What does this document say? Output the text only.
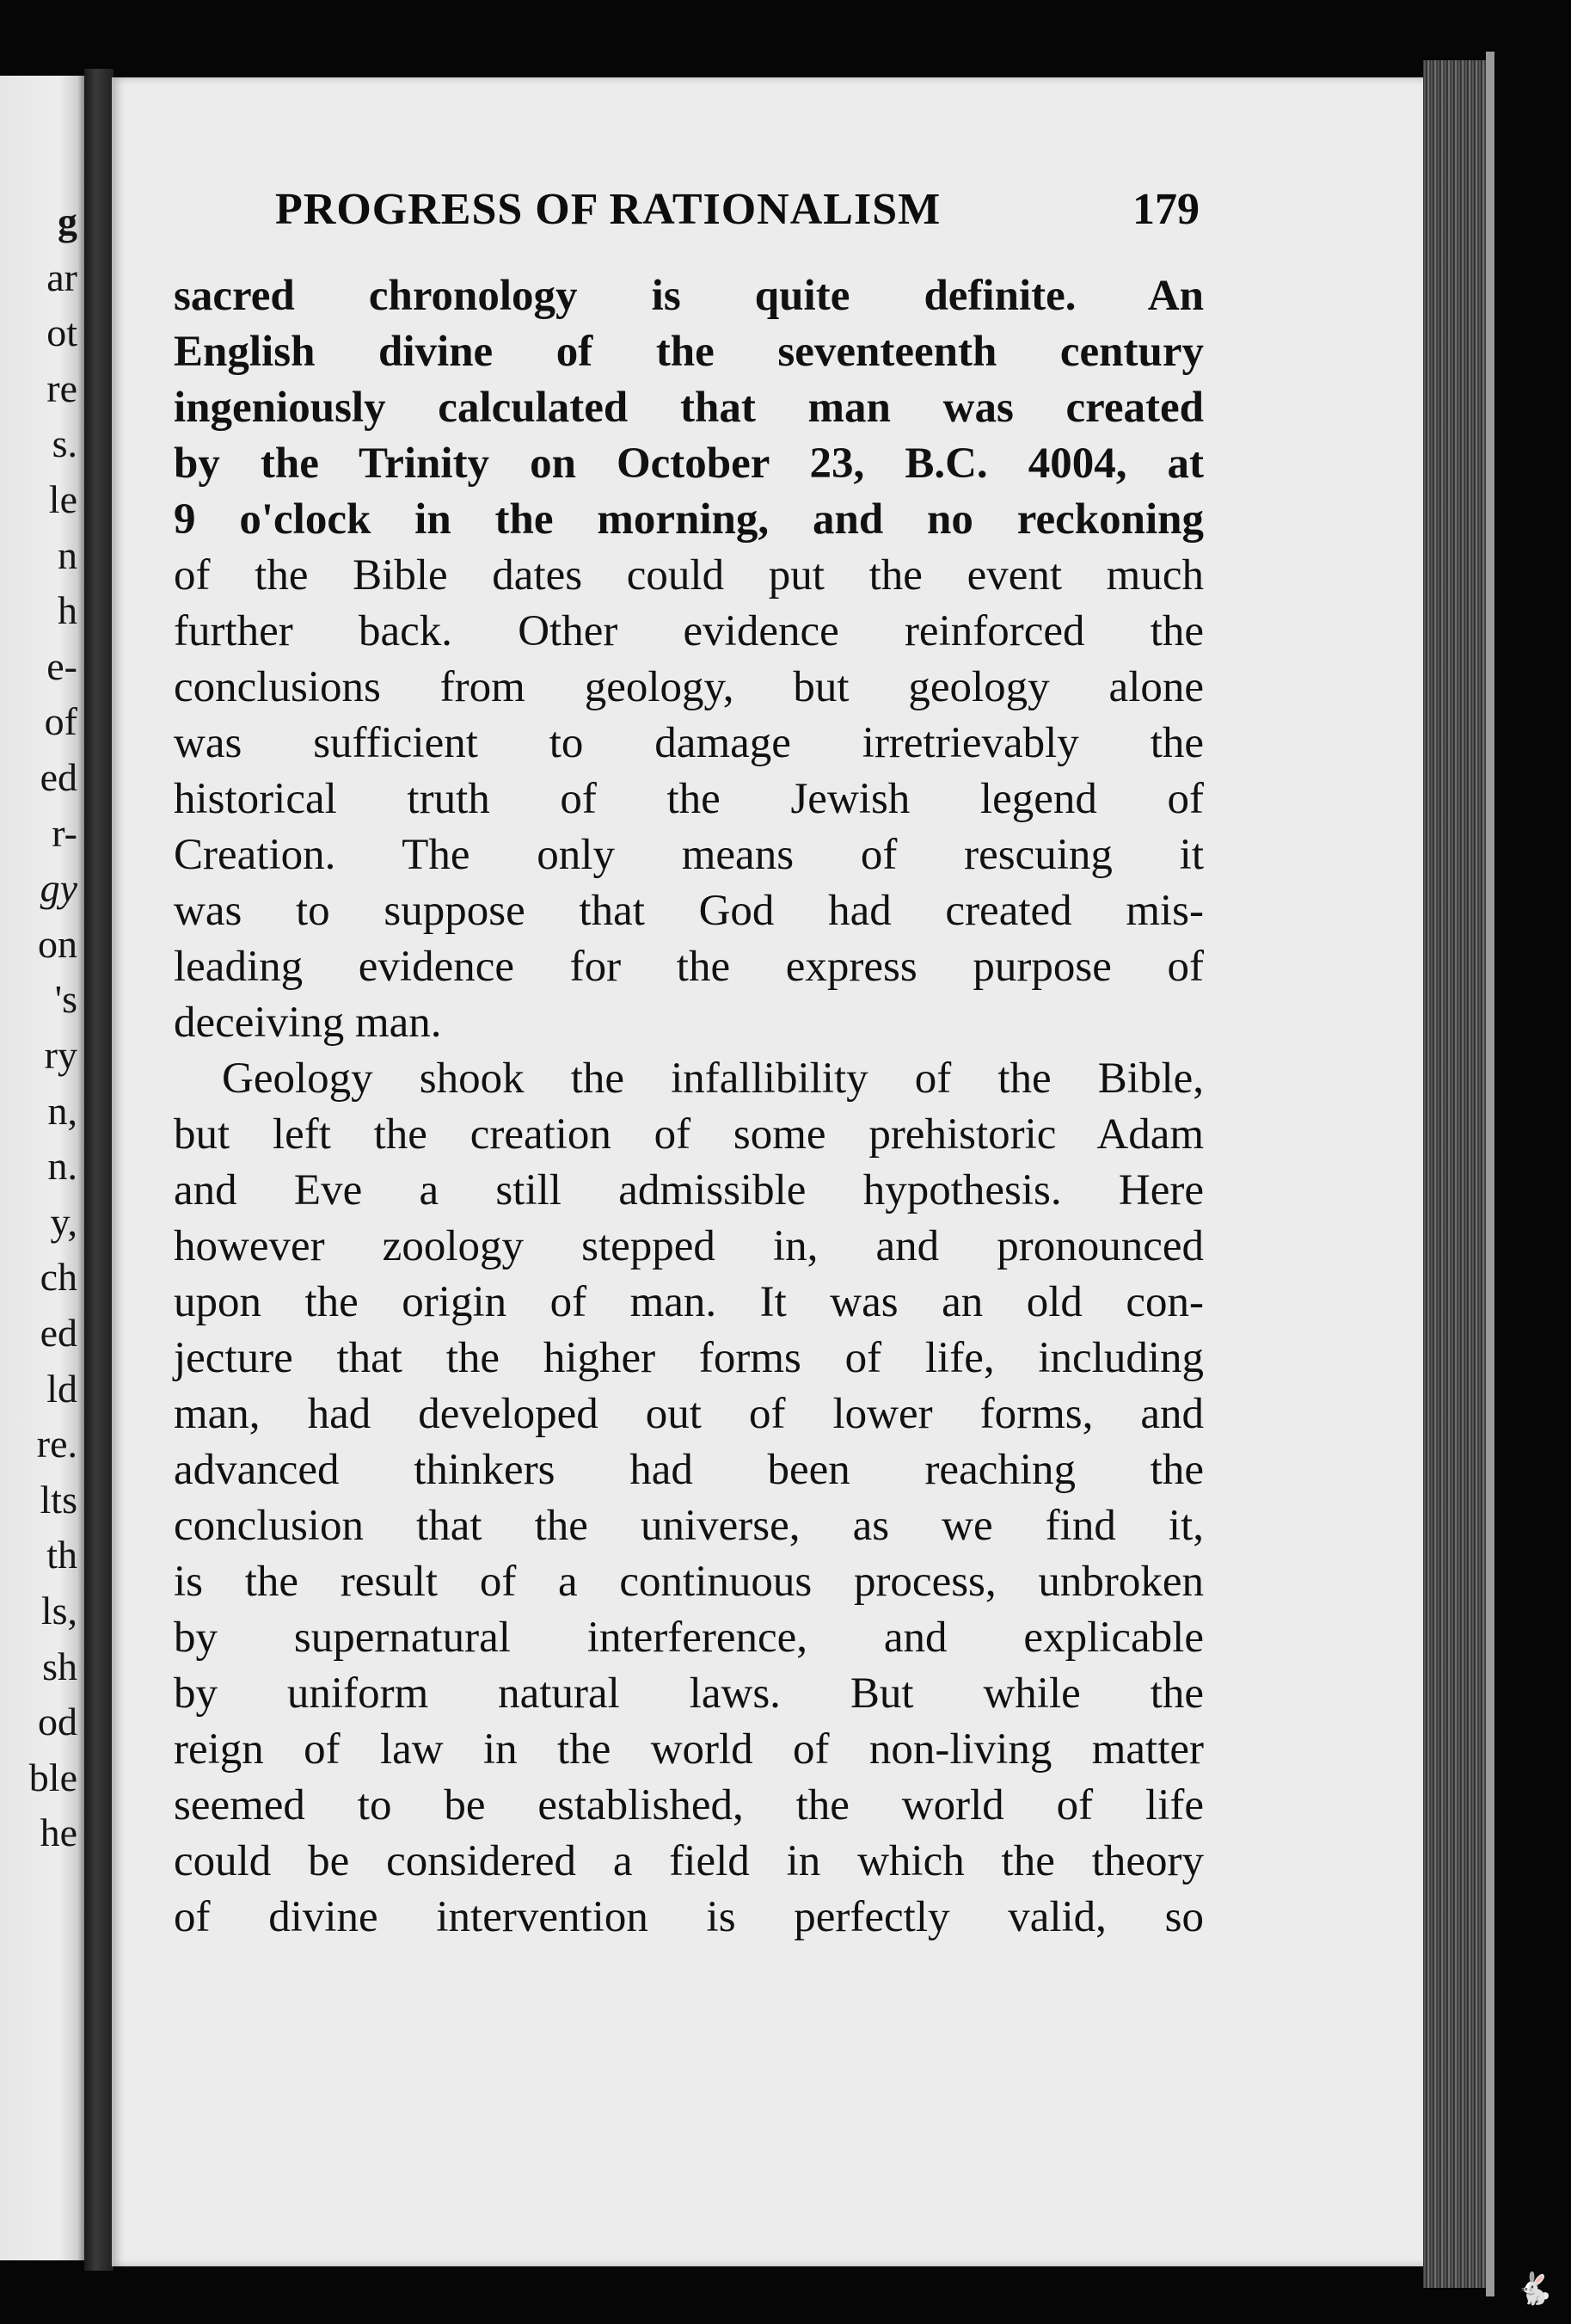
g
ar
ot
re
s.
le
n
h
e-
of
ed
r-
gy
on
's
ry
n,
n.
y,
ch
ed
ld
re.
lts
th
ls,
sh
od
ble
he
PROGRESS OF RATIONALISM	179
sacred chronology is quite definite. An
English divine of the seventeenth century
ingeniously calculated that man was created
by the Trinity on October 23, B.C. 4004, at
9 o'clock in the morning, and no reckoning
of the Bible dates could put the event much
further back. Other evidence reinforced the
conclusions from geology, but geology alone
was sufficient to damage irretrievably the
historical truth of the Jewish legend of
Creation. The only means of rescuing it
was to suppose that God had created mis-
leading evidence for the express purpose of
deceiving man.
Geology shook the infallibility of the Bible,
but left the creation of some prehistoric Adam
and Eve a still admissible hypothesis. Here
however zoology stepped in, and pronounced
upon the origin of man. It was an old con-
jecture that the higher forms of life, including
man, had developed out of lower forms, and
advanced thinkers had been reaching the
conclusion that the universe, as we find it,
is the result of a continuous process, unbroken
by supernatural interference, and explicable
by uniform natural laws. But while the
reign of law in the world of non-living matter
seemed to be established, the world of life
could be considered a field in which the theory
of divine intervention is perfectly valid, so
🐇
